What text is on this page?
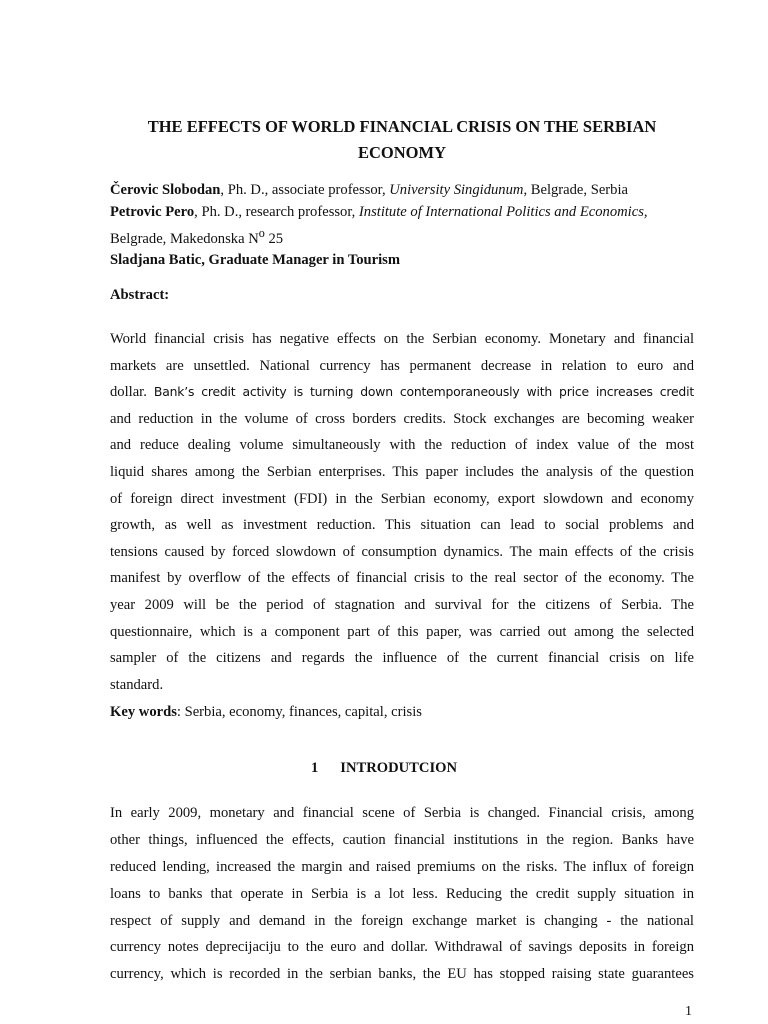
THE EFFECTS OF WORLD FINANCIAL CRISIS ON THE SERBIAN
ECONOMY
Čerovic Slobodan, Ph. D., associate professor, University Singidunum, Belgrade, Serbia
Petrovic Pero, Ph. D., research professor, Institute of International Politics and Economics,
Belgrade, Makedonska $N^o$ 25
Sladjana Batic, Graduate Manager in Tourism
Abstract:
World financial crisis has negative effects on the Serbian economy. Monetary and financial
markets are unsettled. National currency has permanent decrease in relation to euro and
dollar. Bank’s credit activity is turning down contemporaneously with price increases credit
and reduction in the volume of cross borders credits. Stock exchanges are becoming weaker
and reduce dealing volume simultaneously with the reduction of index value of the most
liquid shares among the Serbian enterprises. This paper includes the analysis of the question
of foreign direct investment (FDI) in the Serbian economy, export slowdown and economy
growth, as well as investment reduction. This situation can lead to social problems and
tensions caused by forced slowdown of consumption dynamics. The main effects of the crisis
manifest by overflow of the effects of financial crisis to the real sector of the economy. The
year 2009 will be the period of stagnation and survival for the citizens of Serbia. The
questionnaire, which is a component part of this paper, was carried out among the selected
sampler of the citizens and regards the influence of the current financial crisis on life
standard.
Key words: Serbia, economy, finances, capital, crisis
1 INTRODUTCION
In early 2009, monetary and financial scene of Serbia is changed. Financial crisis, among
other things, influenced the effects, caution financial institutions in the region. Banks have
reduced lending, increased the margin and raised premiums on the risks. The influx of foreign
loans to banks that operate in Serbia is a lot less. Reducing the credit supply situation in
respect of supply and demand in the foreign exchange market is changing - the national
currency notes deprecijaciju to the euro and dollar. Withdrawal of savings deposits in foreign
currency, which is recorded in the serbian banks, the EU has stopped raising state guarantees
1
